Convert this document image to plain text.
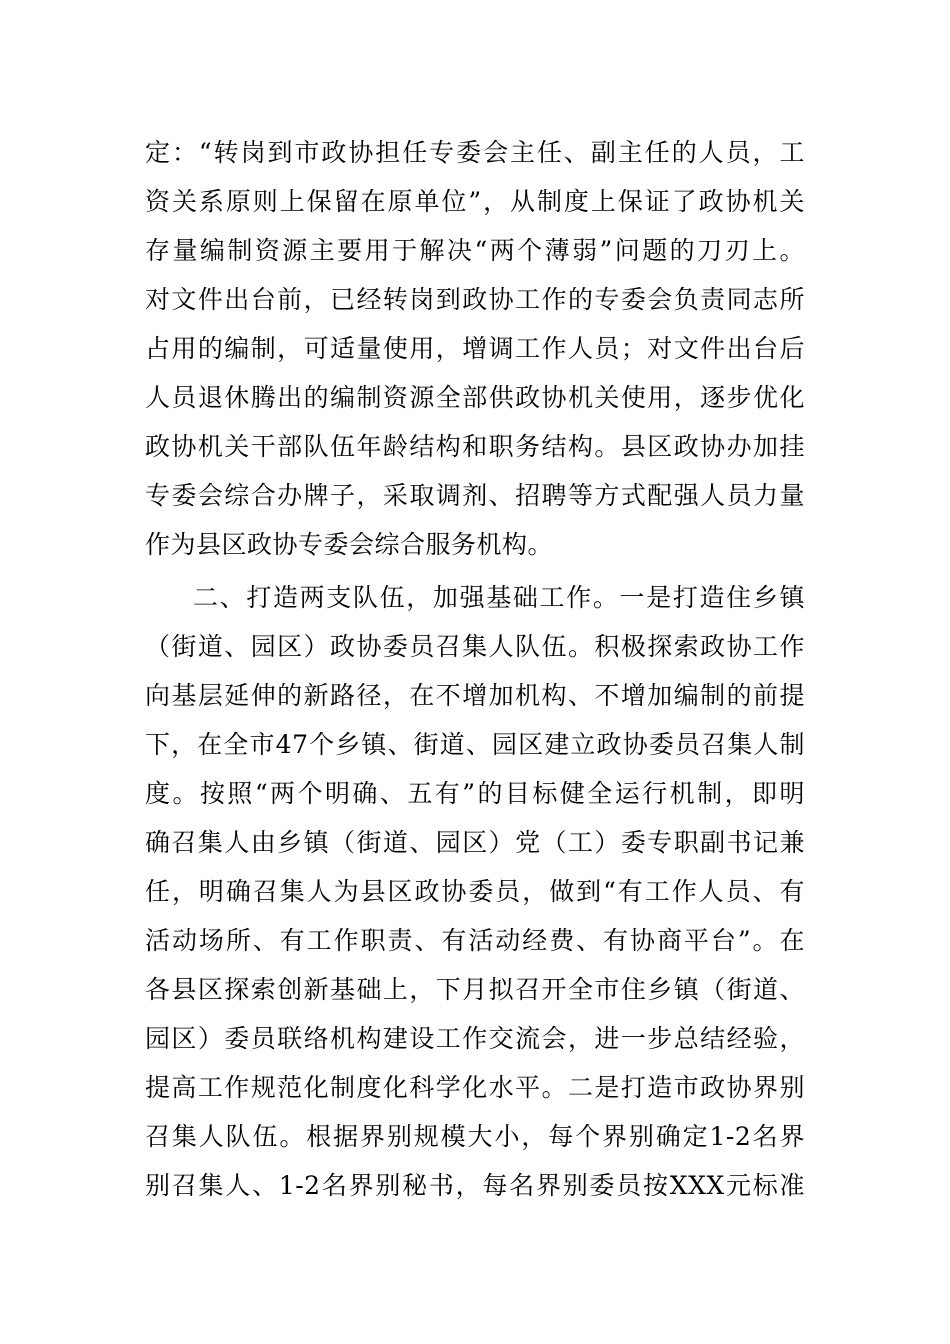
定：“转岗到市政协担任专委会主任、副主任的人员，工
资关系原则上保留在原单位”，从制度上保证了政协机关
存量编制资源主要用于解决“两个薄弱”问题的刀刃上。
对文件出台前，已经转岗到政协工作的专委会负责同志所
占用的编制，可适量使用，增调工作人员；对文件出台后
人员退休腾出的编制资源全部供政协机关使用，逐步优化
政协机关干部队伍年龄结构和职务结构。县区政协办加挂
专委会综合办牌子，采取调剂、招聘等方式配强人员力量
作为县区政协专委会综合服务机构。
二、打造两支队伍，加强基础工作。一是打造住乡镇
（街道、园区）政协委员召集人队伍。积极探索政协工作
向基层延伸的新路径，在不增加机构、不增加编制的前提
下，在全市47个乡镇、街道、园区建立政协委员召集人制
度。按照“两个明确、五有”的目标健全运行机制，即明
确召集人由乡镇（街道、园区）党（工）委专职副书记兼
任，明确召集人为县区政协委员，做到“有工作人员、有
活动场所、有工作职责、有活动经费、有协商平台”。在
各县区探索创新基础上，下月拟召开全市住乡镇（街道、
园区）委员联络机构建设工作交流会，进一步总结经验，
提高工作规范化制度化科学化水平。二是打造市政协界别
召集人队伍。根据界别规模大小，每个界别确定1-2名界
别召集人、1-2名界别秘书，每名界别委员按XXX元标准
